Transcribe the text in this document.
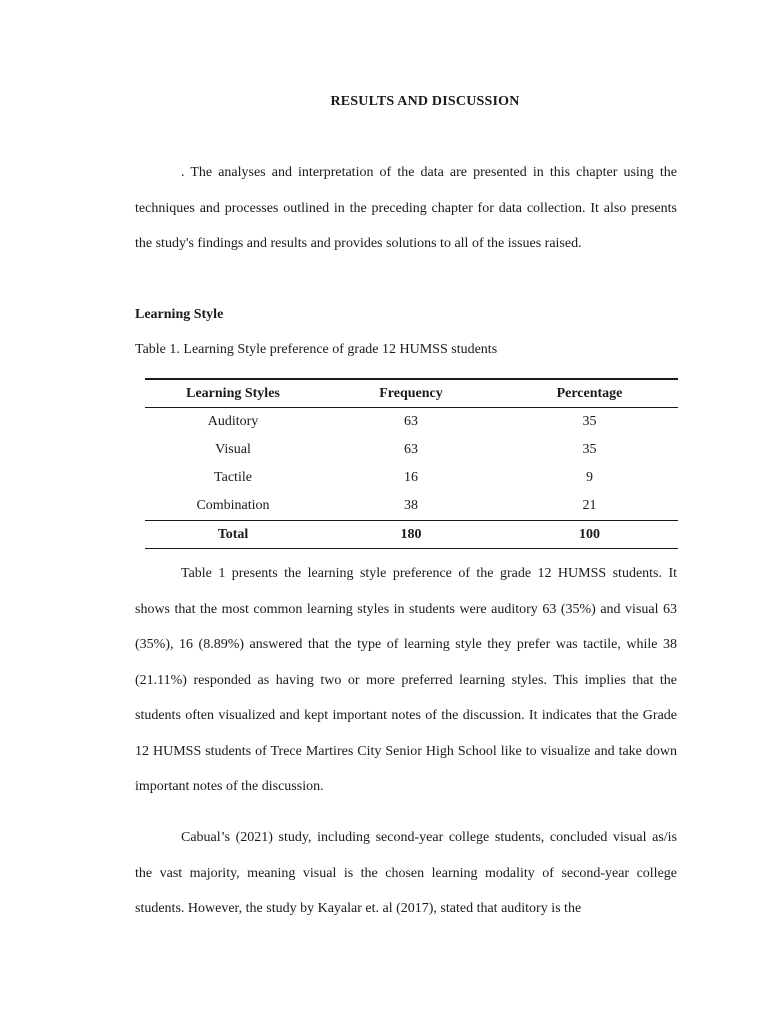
RESULTS AND DISCUSSION

. The analyses and interpretation of the data are presented in this chapter using the techniques and processes outlined in the preceding chapter for data collection. It also presents the study's findings and results and provides solutions to all of the issues raised.

Learning Style
Table 1. Learning Style preference of grade 12 HUMSS students
Learning Styles	Frequency	Percentage
Auditory	63	35
Visual	63	35
Tactile	16	9
Combination	38	21
Total	180	100

Table 1 presents the learning style preference of the grade 12 HUMSS students. It shows that the most common learning styles in students were auditory 63 (35%) and visual 63 (35%), 16 (8.89%) answered that the type of learning style they prefer was tactile, while 38 (21.11%) responded as having two or more preferred learning styles. This implies that the students often visualized and kept important notes of the discussion. It indicates that the Grade 12 HUMSS students of Trece Martires City Senior High School like to visualize and take down important notes of the discussion.

Cabual’s (2021) study, including second-year college students, concluded visual as/is the vast majority, meaning visual is the chosen learning modality of second-year college students. However, the study by Kayalar et. al (2017), stated that auditory is the
